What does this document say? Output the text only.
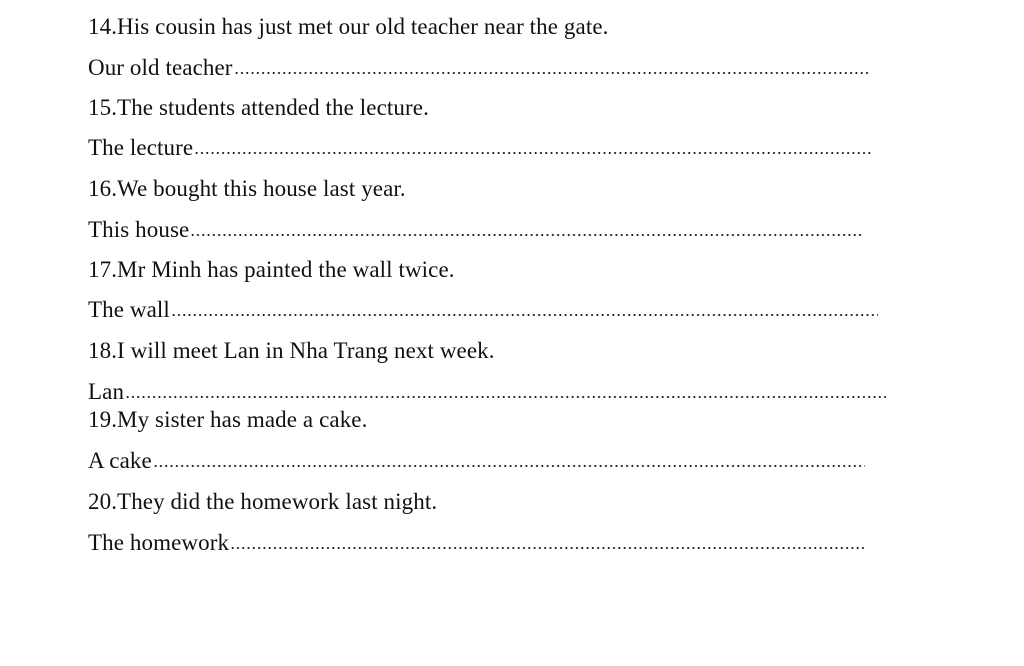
14.His cousin has just met our old teacher near the gate.
Our old teacher
15.The students attended the lecture.
The lecture
16.We bought this house last year.
This house
17.Mr Minh has painted the wall twice.
The wall
18.I will meet Lan in Nha Trang next week.
Lan
19.My sister has made a cake.
A cake
20.They did the homework last night.
The homework
